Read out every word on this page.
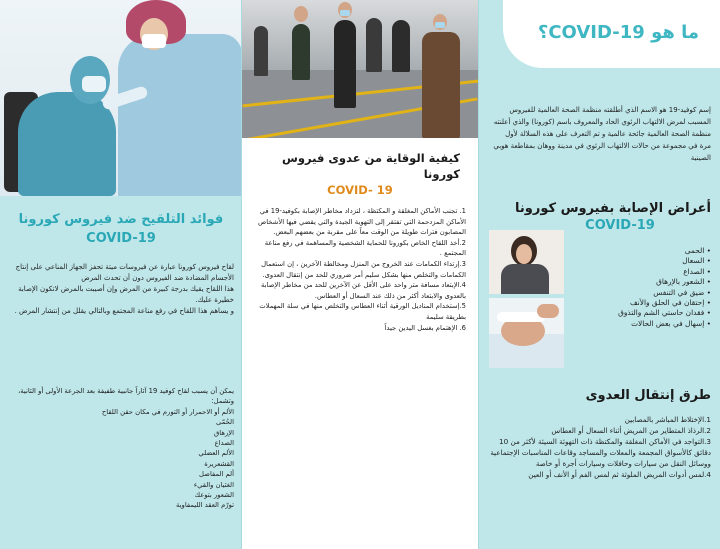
فوائد التلقيح ضد فيروس كورونا
COVID-19
لقاح فيروس كورونا عبارة عن فيروسات ميتة تحفز الجهاز المناعي على إنتاج الأجسام المضادة ضد الفيروس دون أن تحدث المرض
هذا اللقاح يقيك بدرجة كبيرة من المرض وإن أصيبت بالمرض لاتكون الإصابة خطيرة عليك.
و يساهم هذا اللقاح في رفع مناعة المجتمع وبالتالي يقلل من إنتشار المرض .
يمكن أن يسبب لقاح كوفيد 19 آثاراً جانبية طفيفة بعد الجرعة الأولى أو الثانية، وتشمل:
الألم أو الاحمرار أو التورم في مكان حقن اللقاح
الحُمّى
الإرهاق
الصداع
الألم العضلي
القشعريرة
ألم المفاصل
الغثيان والقيء
الشعور بتوعك
تورّم العقد الليمفاوية
كيفية الوقاية من عدوى فيروس كورونا
COVID- 19

1. تجنب الأماكن المغلقة و المكتظة ، لتزداد مخاطر الإصابة بكوفيد-19 في الأماكن المزدحمة التي تفتقر إلى التهوية الجيدة والتي يقضي فيها الأشخاص المصابون فترات طويلة من الوقت معاً على مقربة من بعضهم البعض.

2.أخذ اللقاح الخاص بكورونا للحماية الشخصية والمساهمة في رفع مناعة المجتمع .

3.إرتداء الكمامات عند الخروج من المنزل ومخالطة الآخرين ، إن استعمال الكمامات والتخلص منها بشكل سليم أمر ضروري للحد من إنتقال العدوى.

4.الإبتعاد مسافة متر واحد على الأقل عن الآخرين للحد من مخاطر الإصابة بالعدوى والابتعاد أكثر من ذلك عند السعال أو العطاس.

5.إستخدام المناديل الورقية أثناء العطاس والتخلص منها في سلة المهملات بطريقة سليمة

6. الإهتمام بغسل اليدين جيداً

ما هو COVID-19؟
إسم كوفيد-19 هو الاسم الذي أطلقته منظمة الصحة العالمية للفيروس المسبب لمرض الالتهاب الرئوي الحاد والمعروف باسم (كورونا) والذي أعلنته منظمة الصحة العالمية جائحة عالمية و تم التعرف على هذه السلالة لأول مرة في مجموعة من حالات الالتهاب الرئوي في مدينة ووهان بمقاطعة هوبي الصينية
أعراض الإصابة بفيروس كورونا
COVID-19
• الحمى
• السعال
• الصداع
• الشعور بالإرهاق
• ضيق في التنفس
• إحتقان في الحلق والأنف
• فقدان حاستي الشم والتذوق
• إسهال في بعض الحالات
طرق إنتقال العدوى

1.الإختلاط المباشر بالمصابين

2.الرذاذ المتطاير من المريض أثناء السعال أو العطاس

3.التواجد في الأماكن المغلقة والمكتظة ذات التهوئة السيئة لأكثر من 10 دقائق كالأسواق المجمعة والمعلات والمساجد وقاعات المناسبات الإجتماعية ووسائل النقل من سيارات وحافلات وسيارات أجرة أو خاصة

4.لمس أدوات المريض الملوثة ثم لمس الفم أو الأنف أو العين
